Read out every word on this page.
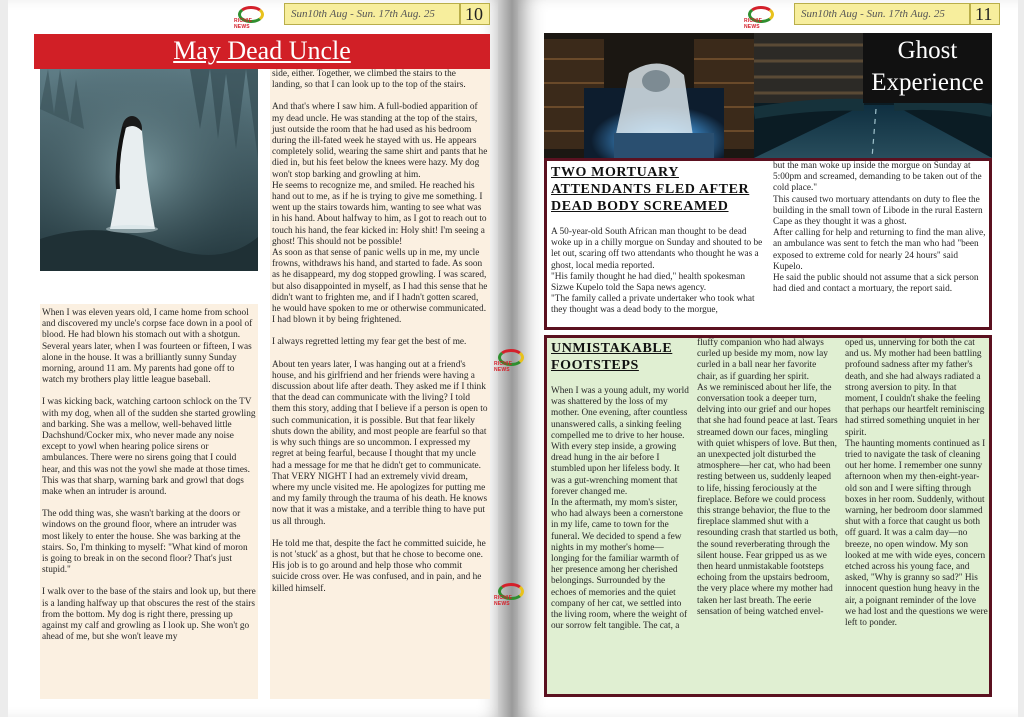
RICHIE NEWS
Sun10th Aug - Sun. 17th Aug. 25	10
May Dead Uncle

When I was eleven years old, I came home from school and discovered my uncle's corpse face down in a pool of blood. He had blown his stomach out with a shotgun.

Several years later, when I was fourteen or fifteen, I was alone in the house. It was a brilliantly sunny Sunday morning, around 11 am. My parents had gone off to watch my brothers play little league baseball.

I was kicking back, watching cartoon schlock on the TV with my dog, when all of the sudden she started growling and barking. She was a mellow, well-behaved little Dachshund/Cocker mix, who never made any noise except to yowl when hearing police sirens or ambulances. There were no sirens going that I could hear, and this was not the yowl she made at those times. This was that sharp, warning bark and growl that dogs make when an intruder is around.

The odd thing was, she wasn't barking at the doors or windows on the ground floor, where an intruder was most likely to enter the house. She was barking at the stairs. So, I'm thinking to myself: "What kind of moron is going to break in on the second floor? That's just stupid."

I walk over to the base of the stairs and look up, but there is a landing halfway up that obscures the rest of the stairs from the bottom. My dog is right there, pressing up against my calf and growling as I look up. She won't go ahead of me, but she won't leave my

side, either. Together, we climbed the stairs to the landing, so that I can look up to the top of the stairs.

And that's where I saw him. A full-bodied apparition of my dead uncle. He was standing at the top of the stairs, just outside the room that he had used as his bedroom during the ill-fated week he stayed with us. He appears completely solid, wearing the same shirt and pants that he died in, but his feet below the knees were hazy. My dog won't stop barking and growling at him.

He seems to recognize me, and smiled. He reached his hand out to me, as if he is trying to give me something. I went up the stairs towards him, wanting to see what was in his hand. About halfway to him, as I got to reach out to touch his hand, the fear kicked in: Holy shit! I'm seeing a ghost! This should not be possible!

As soon as that sense of panic wells up in me, my uncle frowns, withdraws his hand, and started to fade. As soon as he disappeard, my dog stopped growling. I was scared, but also disappointed in myself, as I had this sense that he didn't want to frighten me, and if I hadn't gotten scared, he would have spoken to me or otherwise communicated. I had blown it by being frightened.

I always regretted letting my fear get the best of me.

About ten years later, I was hanging out at a friend's house, and his girlfriend and her friends were having a discussion about life after death. They asked me if I think that the dead can communicate with the living? I told them this story, adding that I believe if a person is open to such communication, it is possible. But that fear likely shuts down the ability, and most people are fearful so that is why such things are so uncommon. I expressed my regret at being fearful, because I thought that my uncle had a message for me that he didn't get to communicate.

That VERY NIGHT I had an extremely vivid dream, where my uncle visited me. He apologizes for putting me and my family through the trauma of his death. He knows now that it was a mistake, and a terrible thing to have put us all through.

He told me that, despite the fact he committed suicide, he is not 'stuck' as a ghost, but that he chose to become one. His job is to go around and help those who commit suicide cross over. He was confused, and in pain, and he killed himself.

RICHIE NEWS
Sun10th Aug - Sun. 17th Aug. 25	11
Ghost Experience
TWO MORTUARY ATTENDANTS FLED AFTER DEAD BODY SCREAMED

A 50-year-old South African man thought to be dead woke up in a chilly morgue on Sunday and shouted to be let out, scaring off two attendants who thought he was a ghost, local media reported.

"His family thought he had died," health spokesman Sizwe Kupelo told the Sapa news agency.

"The family called a private undertaker who took what they thought was a dead body to the morgue,

but the man woke up inside the morgue on Sunday at 5:00pm and screamed, demanding to be taken out of the cold place."

This caused two mortuary attendants on duty to flee the building in the small town of Libode in the rural Eastern Cape as they thought it was a ghost.

After calling for help and returning to find the man alive, an ambulance was sent to fetch the man who had "been exposed to extreme cold for nearly 24 hours" said Kupelo.

He said the public should not assume that a sick person had died and contact a mortuary, the report said.

UNMISTAKABLE FOOTSTEPS

When I was a young adult, my world was shattered by the loss of my mother. One evening, after countless unanswered calls, a sinking feeling compelled me to drive to her house. With every step inside, a growing dread hung in the air before I stumbled upon her lifeless body. It was a gut-wrenching moment that forever changed me.

In the aftermath, my mom's sister, who had always been a cornerstone in my life, came to town for the funeral. We decided to spend a few nights in my mother's home—longing for the familiar warmth of her presence among her cherished belongings. Surrounded by the echoes of memories and the quiet company of her cat, we settled into the living room, where the weight of our sorrow felt tangible. The cat, a

fluffy companion who had always curled up beside my mom, now lay curled in a ball near her favorite chair, as if guarding her spirit.

As we reminisced about her life, the conversation took a deeper turn, delving into our grief and our hopes that she had found peace at last. Tears streamed down our faces, mingling with quiet whispers of love. But then, an unexpected jolt disturbed the atmosphere—her cat, who had been resting between us, suddenly leaped to life, hissing ferociously at the fireplace. Before we could process this strange behavior, the flue to the fireplace slammed shut with a resounding crash that startled us both, the sound reverberating through the silent house. Fear gripped us as we then heard unmistakable footsteps echoing from the upstairs bedroom, the very place where my mother had taken her last breath. The eerie sensation of being watched envel-

oped us, unnerving for both the cat and us. My mother had been battling profound sadness after my father's death, and she had always radiated a strong aversion to pity. In that moment, I couldn't shake the feeling that perhaps our heartfelt reminiscing had stirred something unquiet in her spirit.

The haunting moments continued as I tried to navigate the task of cleaning out her home. I remember one sunny afternoon when my then-eight-year-old son and I were sifting through boxes in her room. Suddenly, without warning, her bedroom door slammed shut with a force that caught us both off guard. It was a calm day—no breeze, no open window. My son looked at me with wide eyes, concern etched across his young face, and asked, "Why is granny so sad?" His innocent question hung heavy in the air, a poignant reminder of the love we had lost and the questions we were left to ponder.

RICHIE NEWS
RICHIE NEWS
